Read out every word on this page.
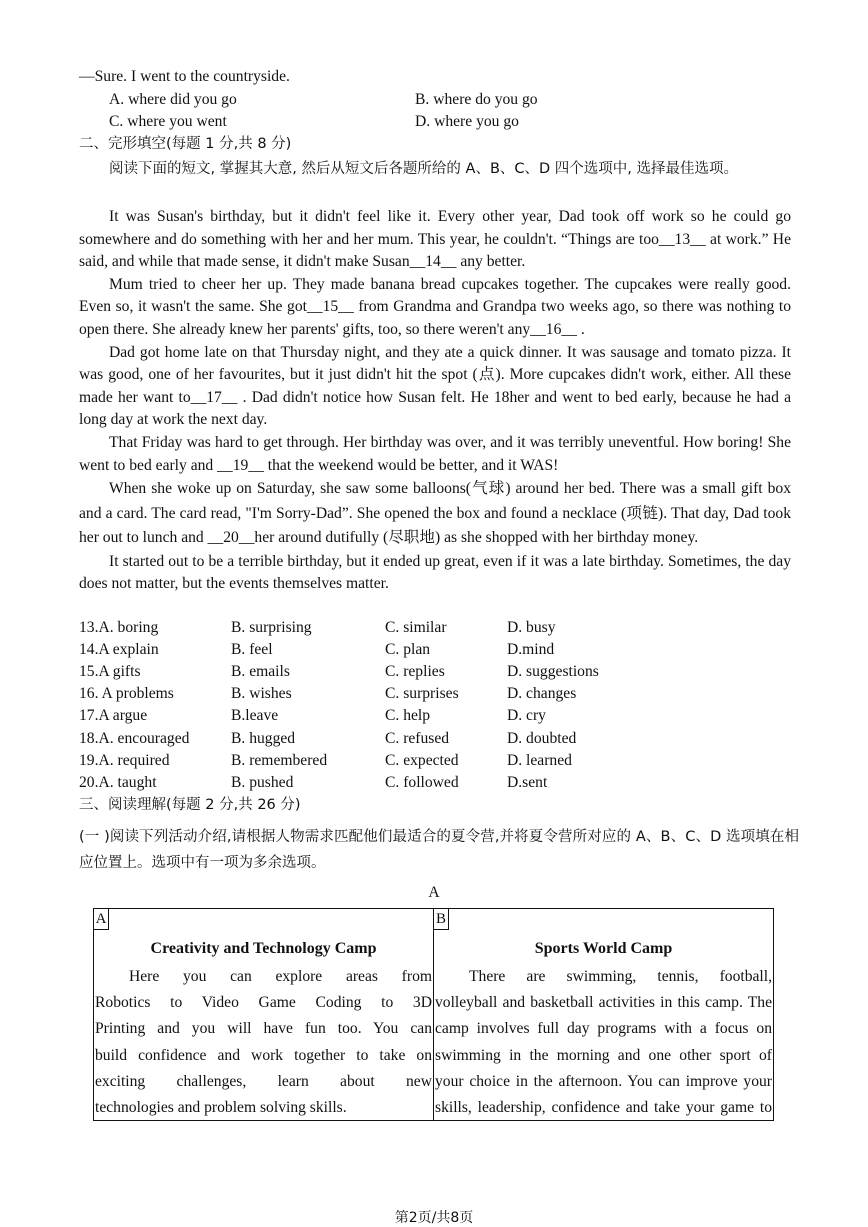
—Sure. I went to the countryside.
A. where did you go	B. where do you go
C. where you went	D. where you go
二、完形填空(每题 1 分,共 8 分)

阅读下面的短文, 掌握其大意, 然后从短文后各题所给的 A、B、C、D 四个选项中, 选择最佳选项。

It was Susan's birthday, but it didn't feel like it. Every other year, Dad took off work so he could go somewhere and do something with her and her mum. This year, he couldn't. “Things are too__13__ at work.” He said, and while that made sense, it didn't make Susan__14__ any better.

Mum tried to cheer her up. They made banana bread cupcakes together. The cupcakes were really good. Even so, it wasn't the same. She got__15__ from Grandma and Grandpa two weeks ago, so there was nothing to open there. She already knew her parents' gifts, too, so there weren't any__16__ .

Dad got home late on that Thursday night, and they ate a quick dinner. It was sausage and tomato pizza. It was good, one of her favourites, but it just didn't hit the spot (点). More cupcakes didn't work, either. All these made her want to__17__ . Dad didn't notice how Susan felt. He 18her and went to bed early, because he had a long day at work the next day.

That Friday was hard to get through. Her birthday was over, and it was terribly uneventful. How boring! She went to bed early and __19__ that the weekend would be better, and it WAS!

When she woke up on Saturday, she saw some balloons(气球) around her bed. There was a small gift box and a card. The card read, "I'm Sorry-Dad”. She opened the box and found a necklace (项链). That day, Dad took her out to lunch and __20__her around dutifully (尽职地) as she shopped with her birthday money.

It started out to be a terrible birthday, but it ended up great, even if it was a late birthday. Sometimes, the day does not matter, but the events themselves matter.

13.A. boring	B. surprising	C. similar	D. busy
14.A explain	B. feel	C. plan	D.mind
15.A gifts	B. emails	C. replies	D. suggestions
16. A problems	B. wishes	C. surprises	D. changes
17.A argue	B.leave	C. help	D. cry
18.A. encouraged	B. hugged	C. refused	D. doubted
19.A. required	B. remembered	C. expected	D. learned
20.A. taught	B. pushed	C. followed	D.sent
三、阅读理解(每题 2 分,共 26 分)
(一 )阅读下列活动介绍,请根据人物需求匹配他们最适合的夏令营,并将夏令营所对应的 A、B、C、D 选项填在相应位置上。选项中有一项为多余选项。
A
A
Creativity and Technology Camp
Here you can explore areas from
Robotics to Video Game Coding to 3D
Printing and you will have fun too. You can
build confidence and work together to take on
exciting challenges, learn about new
technologies and problem solving skills.
B
Sports World Camp
There are swimming, tennis, football,
volleyball and basketball activities in this camp. The
camp involves full day programs with a focus on
swimming in the morning and one other sport of
your choice in the afternoon. You can improve your
skills, leadership, confidence and take your game to
第2页/共8页
